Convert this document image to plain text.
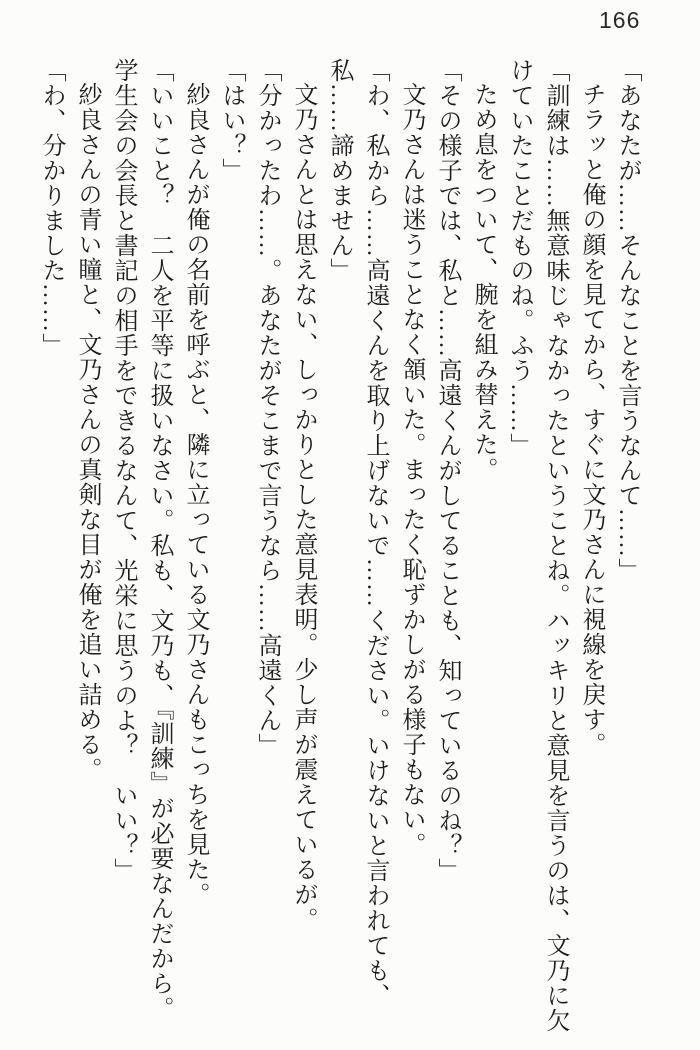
166

「あなたが……そんなことを言うなんて……」

チラッと俺の顔を見てから、すぐに文乃さんに視線を戻す。

「訓練は……無意味じゃなかったということね。ハッキリと意見を言うのは、文乃に欠けていたことだものね。ふう……」

ため息をついて、腕を組み替えた。

「その様子では、私と……高遠くんがしてることも、知っているのね？」

文乃さんは迷うことなく頷いた。まったく恥ずかしがる様子もない。

「わ、私から……高遠くんを取り上げないで……ください。いけないと言われても、私……諦めません」

文乃さんとは思えない、しっかりとした意見表明。少し声が震えているが。

「分かったわ……。あなたがそこまで言うなら……高遠くん」

「はい？」

紗良さんが俺の名前を呼ぶと、隣に立っている文乃さんもこっちを見た。

「いいこと？　二人を平等に扱いなさい。私も、文乃も、『訓練』が必要なんだから。学生会の会長と書記の相手をできるなんて、光栄に思うのよ？　いい？」

紗良さんの青い瞳と、文乃さんの真剣な目が俺を追い詰める。

「わ、分かりました……」
